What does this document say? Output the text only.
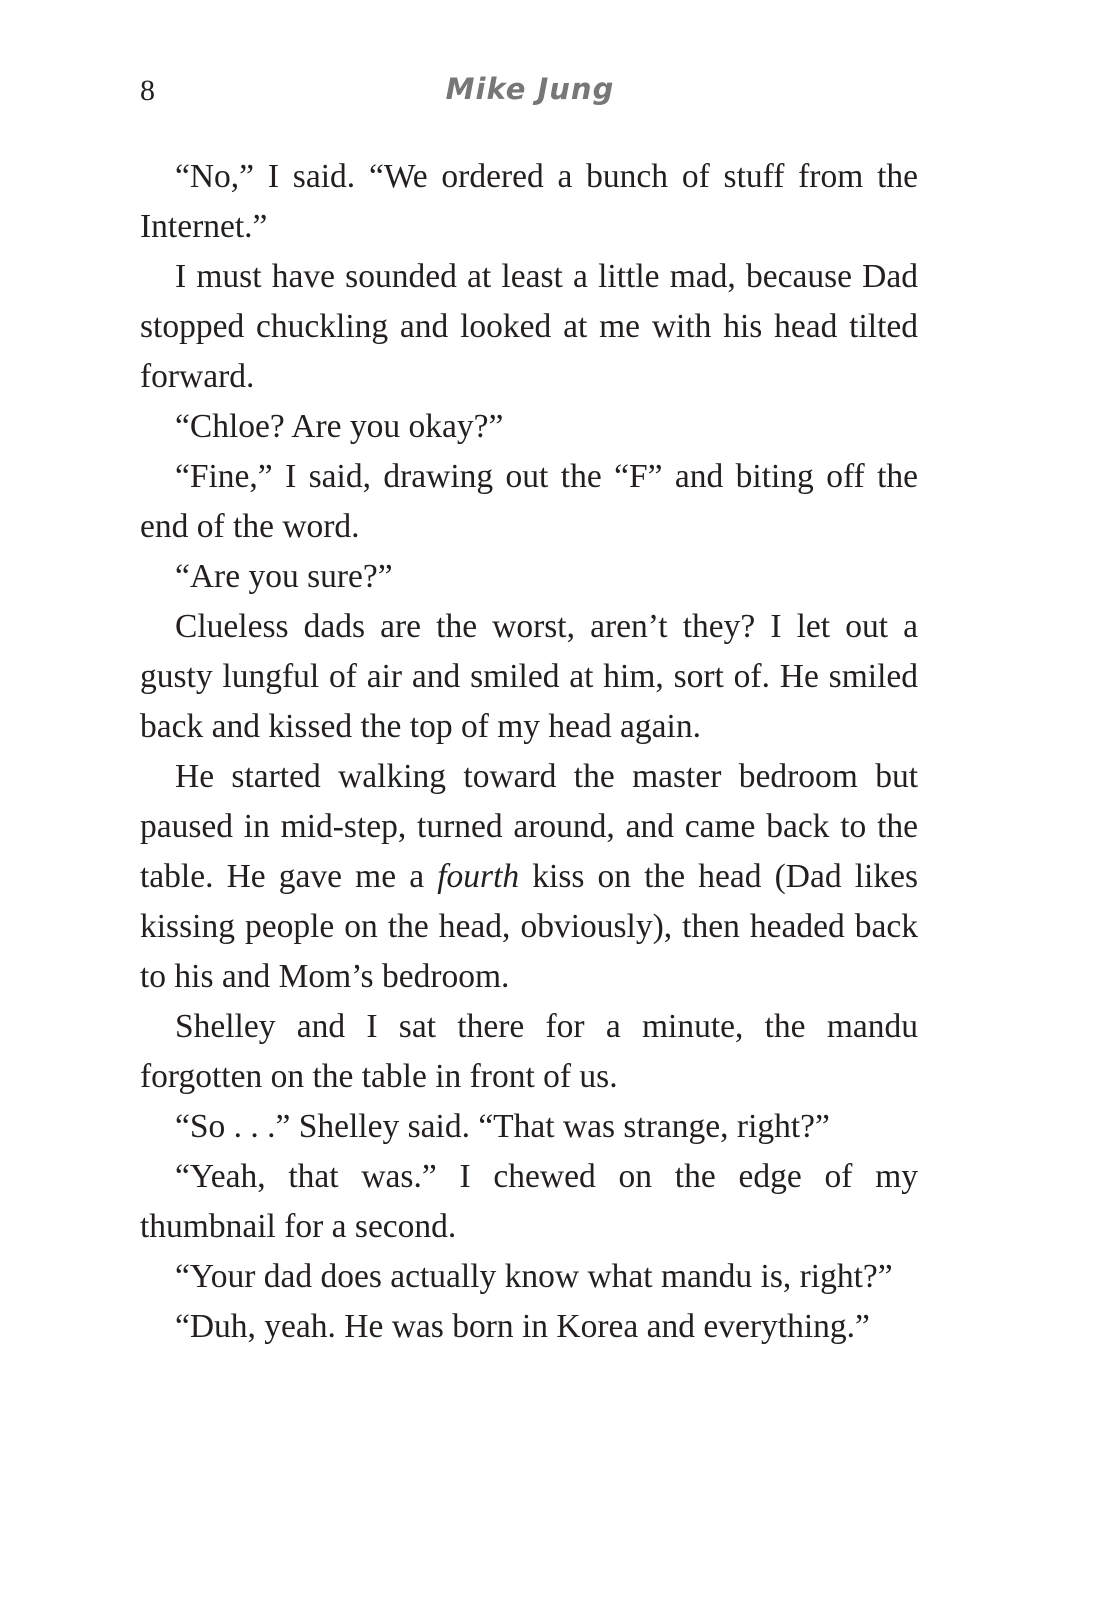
8	Mike Jung

“No,” I said. “We ordered a bunch of stuff from the Internet.”

I must have sounded at least a little mad, because Dad stopped chuckling and looked at me with his head tilted forward.

“Chloe? Are you okay?”

“Fine,” I said, drawing out the “F” and biting off the end of the word.

“Are you sure?”

Clueless dads are the worst, aren’t they? I let out a gusty lungful of air and smiled at him, sort of. He smiled back and kissed the top of my head again.

He started walking toward the master bedroom but paused in mid-step, turned around, and came back to the table. He gave me a fourth kiss on the head (Dad likes kissing people on the head, obviously), then headed back to his and Mom’s bedroom.

Shelley and I sat there for a minute, the mandu forgotten on the table in front of us.

“So . . .” Shelley said. “That was strange, right?”

“Yeah, that was.” I chewed on the edge of my thumbnail for a second.

“Your dad does actually know what mandu is, right?”

“Duh, yeah. He was born in Korea and everything.”
